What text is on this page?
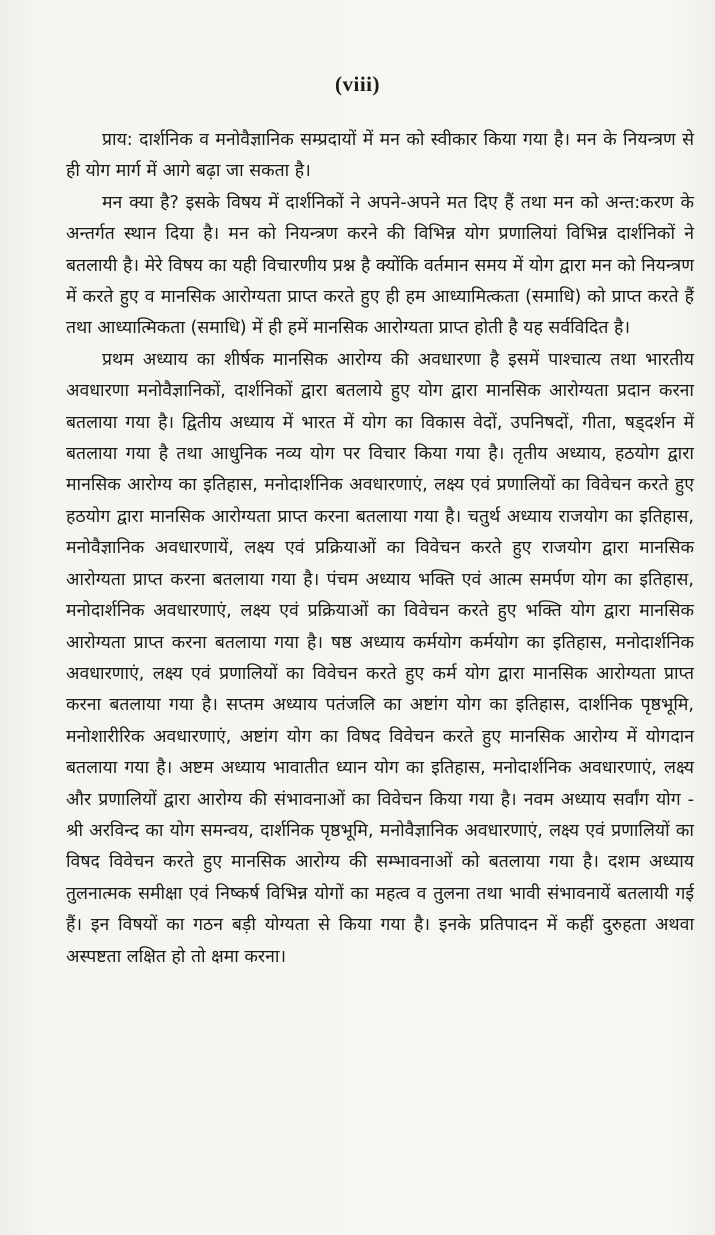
(viii)

प्राय: दार्शनिक व मनोवैज्ञानिक सम्प्रदायों में मन को स्वीकार किया गया है। मन के नियन्त्रण से ही योग मार्ग में आगे बढ़ा जा सकता है।

मन क्या है? इसके विषय में दार्शनिकों ने अपने-अपने मत दिए हैं तथा मन को अन्त:करण के अन्तर्गत स्थान दिया है। मन को नियन्त्रण करने की विभिन्न योग प्रणालियां विभिन्न दार्शनिकों ने बतलायी है। मेरे विषय का यही विचारणीय प्रश्न है क्योंकि वर्तमान समय में योग द्वारा मन को नियन्त्रण में करते हुए व मानसिक आरोग्यता प्राप्त करते हुए ही हम आध्यामित्कता (समाधि) को प्राप्त करते हैं तथा आध्यात्मिकता (समाधि) में ही हमें मानसिक आरोग्यता प्राप्त होती है यह सर्वविदित है।

प्रथम अध्याय का शीर्षक मानसिक आरोग्य की अवधारणा है इसमें पाश्चात्य तथा भारतीय अवधारणा मनोवैज्ञानिकों, दार्शनिकों द्वारा बतलाये हुए योग द्वारा मानसिक आरोग्यता प्रदान करना बतलाया गया है। द्वितीय अध्याय में भारत में योग का विकास वेदों, उपनिषदों, गीता, षड्दर्शन में बतलाया गया है तथा आधुनिक नव्य योग पर विचार किया गया है। तृतीय अध्याय, हठयोग द्वारा मानसिक आरोग्य का इतिहास, मनोदार्शनिक अवधारणाएं, लक्ष्य एवं प्रणालियों का विवेचन करते हुए हठयोग द्वारा मानसिक आरोग्यता प्राप्त करना बतलाया गया है। चतुर्थ अध्याय राजयोग का इतिहास, मनोवैज्ञानिक अवधारणायें, लक्ष्य एवं प्रक्रियाओं का विवेचन करते हुए राजयोग द्वारा मानसिक आरोग्यता प्राप्त करना बतलाया गया है। पंचम अध्याय भक्ति एवं आत्म समर्पण योग का इतिहास, मनोदार्शनिक अवधारणाएं, लक्ष्य एवं प्रक्रियाओं का विवेचन करते हुए भक्ति योग द्वारा मानसिक आरोग्यता प्राप्त करना बतलाया गया है। षष्ठ अध्याय कर्मयोग कर्मयोग का इतिहास, मनोदार्शनिक अवधारणाएं, लक्ष्य एवं प्रणालियों का विवेचन करते हुए कर्म योग द्वारा मानसिक आरोग्यता प्राप्त करना बतलाया गया है। सप्तम अध्याय पतंजलि का अष्टांग योग का इतिहास, दार्शनिक पृष्ठभूमि, मनोशारीरिक अवधारणाएं, अष्टांग योग का विषद विवेचन करते हुए मानसिक आरोग्य में योगदान बतलाया गया है। अष्टम अध्याय भावातीत ध्यान योग का इतिहास, मनोदार्शनिक अवधारणाएं, लक्ष्य और प्रणालियों द्वारा आरोग्य की संभावनाओं का विवेचन किया गया है। नवम अध्याय सर्वांग योग - श्री अरविन्द का योग समन्वय, दार्शनिक पृष्ठभूमि, मनोवैज्ञानिक अवधारणाएं, लक्ष्य एवं प्रणालियों का विषद विवेचन करते हुए मानसिक आरोग्य की सम्भावनाओं को बतलाया गया है। दशम अध्याय तुलनात्मक समीक्षा एवं निष्कर्ष विभिन्न योगों का महत्व व तुलना तथा भावी संभावनायें बतलायी गई हैं। इन विषयों का गठन बड़ी योग्यता से किया गया है। इनके प्रतिपादन में कहीं दुरुहता अथवा अस्पष्टता लक्षित हो तो क्षमा करना।
